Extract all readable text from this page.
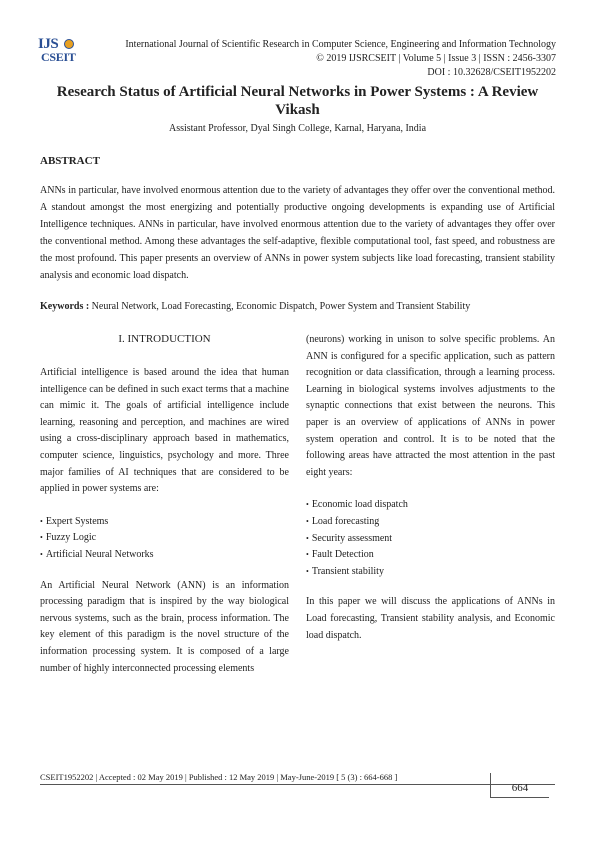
IJS
CSEIT
International Journal of Scientific Research in Computer Science, Engineering and Information Technology
© 2019 IJSRCSEIT | Volume 5 | Issue 3 | ISSN : 2456-3307
DOI : 10.32628/CSEIT1952202
Research Status of Artificial Neural Networks in Power Systems : A Review
Vikash
Assistant Professor, Dyal Singh College, Karnal, Haryana, India
ABSTRACT
ANNs in particular, have involved enormous attention due to the variety of advantages they offer over the conventional method. A standout amongst the most energizing and potentially productive ongoing developments is expanding use of Artificial Intelligence techniques. ANNs in particular, have involved enormous attention due to the variety of advantages they offer over the conventional method. Among these advantages the self-adaptive, flexible computational tool, fast speed, and robustness are the most profound. This paper presents an overview of ANNs in power system subjects like load forecasting, transient stability analysis and economic load dispatch.
Keywords : Neural Network, Load Forecasting, Economic Dispatch, Power System and Transient Stability
I. INTRODUCTION

Artificial intelligence is based around the idea that human intelligence can be defined in such exact terms that a machine can mimic it. The goals of artificial intelligence include learning, reasoning and perception, and machines are wired using a cross-disciplinary approach based in mathematics, computer science, linguistics, psychology and more. Three major families of AI techniques that are considered to be applied in power systems are:

• Expert Systems
• Fuzzy Logic
• Artificial Neural Networks

An Artificial Neural Network (ANN) is an information processing paradigm that is inspired by the way biological nervous systems, such as the brain, process information. The key element of this paradigm is the novel structure of the information processing system. It is composed of a large number of highly interconnected processing elements

(neurons) working in unison to solve specific problems. An ANN is configured for a specific application, such as pattern recognition or data classification, through a learning process. Learning in biological systems involves adjustments to the synaptic connections that exist between the neurons. This paper is an overview of applications of ANNs in power system operation and control. It is to be noted that the following areas have attracted the most attention in the past eight years:

• Economic load dispatch
• Load forecasting
• Security assessment
• Fault Detection
• Transient stability

In this paper we will discuss the applications of ANNs in Load forecasting, Transient stability analysis, and Economic load dispatch.

CSEIT1952202 | Accepted : 02 May 2019 | Published : 12 May 2019 | May-June-2019 [ 5 (3) : 664-668 ]
664
